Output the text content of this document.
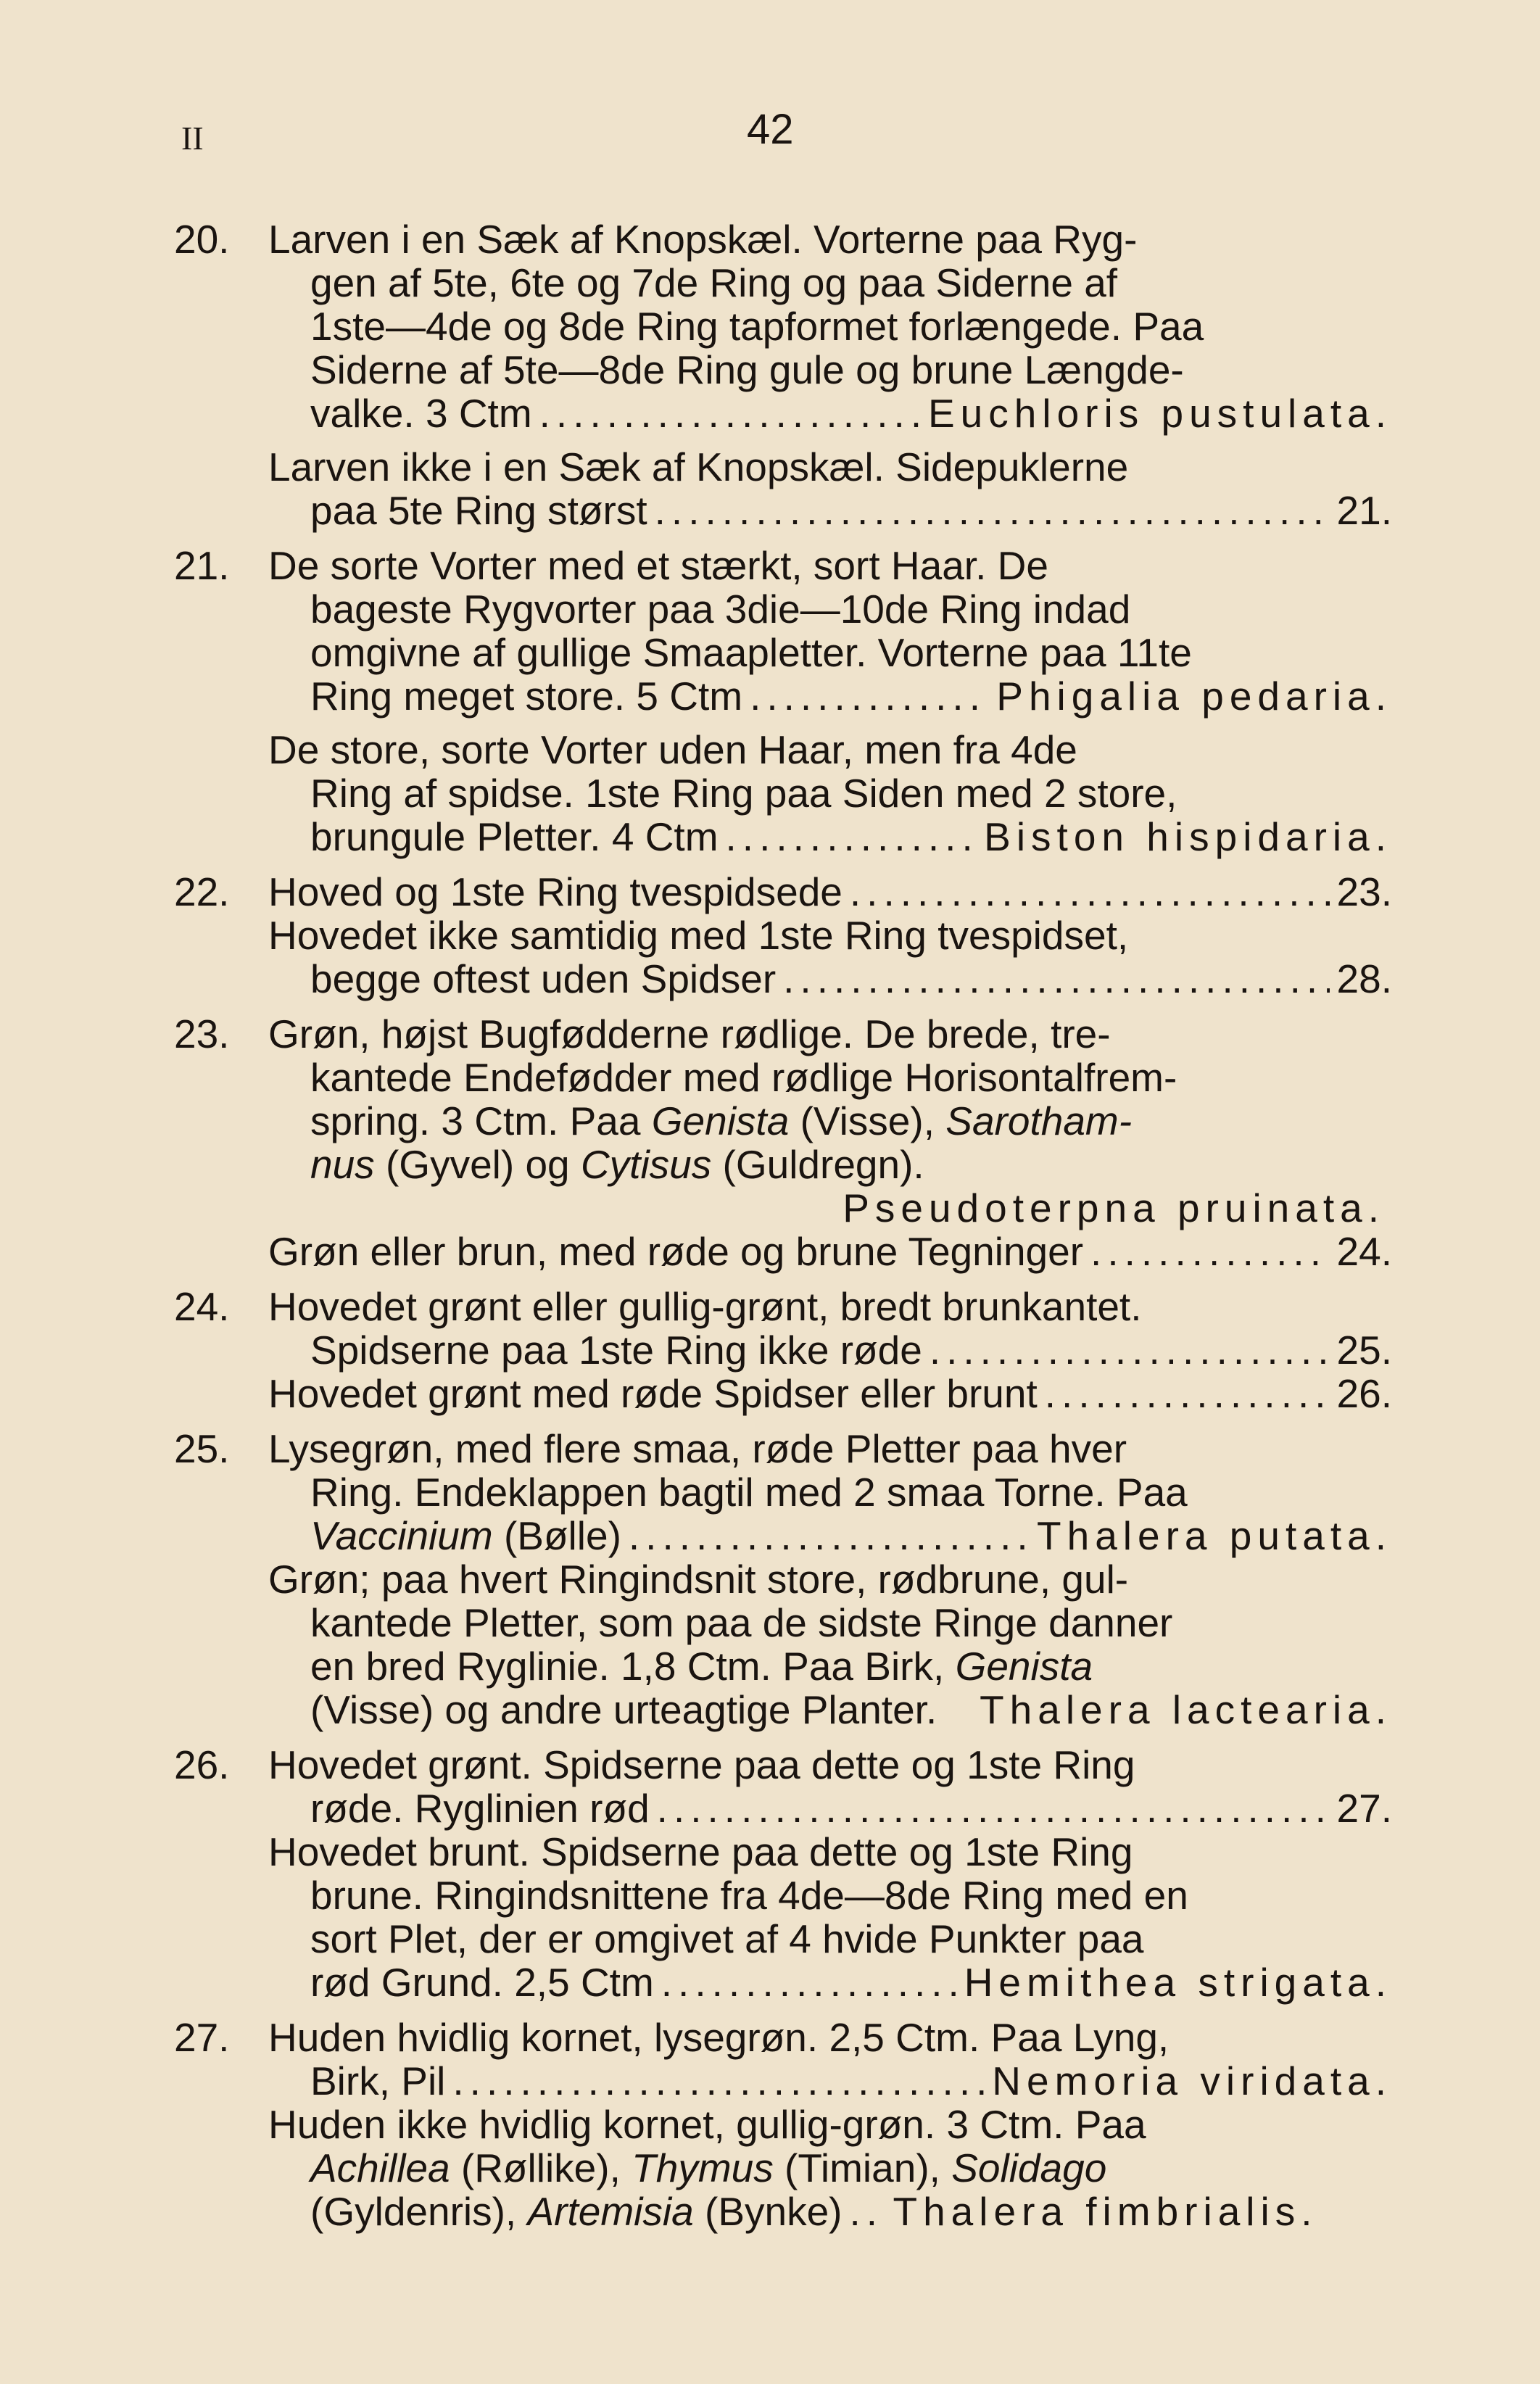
II	42
20. Larven i en Sæk af Knopskæl. Vorterne paa Ryg-
gen af 5te, 6te og 7de Ring og paa Siderne af
1ste—4de og 8de Ring tapformet forlængede. Paa
Siderne af 5te—8de Ring gule og brune Længde-
valke. 3 Ctm .....	Euchloris pustulata.
Larven ikke i en Sæk af Knopskæl. Sidepuklerne
paa 5te Ring størst .....	21.
21. De sorte Vorter med et stærkt, sort Haar. De
bageste Rygvorter paa 3die—10de Ring indad
omgivne af gullige Smaapletter. Vorterne paa 11te
Ring meget store. 5 Ctm .....	Phigalia pedaria.
De store, sorte Vorter uden Haar, men fra 4de
Ring af spidse. 1ste Ring paa Siden med 2 store,
brungule Pletter. 4 Ctm .....	Biston hispidaria.
22. Hoved og 1ste Ring tvespidsede .....	23.
Hovedet ikke samtidig med 1ste Ring tvespidset,
begge oftest uden Spidser .....	28.
23. Grøn, højst Bugfødderne rødlige. De brede, tre-
kantede Endefødder med rødlige Horisontalfrem-
spring. 3 Ctm. Paa Genista (Visse), Sarotham-
nus (Gyvel) og Cytisus (Guldregn).
Pseudoterpna pruinata.
Grøn eller brun, med røde og brune Tegninger .....	24.
24. Hovedet grønt eller gullig-grønt, bredt brunkantet.
Spidserne paa 1ste Ring ikke røde .....	25.
Hovedet grønt med røde Spidser eller brunt .....	26.
25. Lysegrøn, med flere smaa, røde Pletter paa hver
Ring. Endeklappen bagtil med 2 smaa Torne. Paa
Vaccinium (Bølle) .....	Thalera putata.
Grøn; paa hvert Ringindsnit store, rødbrune, gul-
kantede Pletter, som paa de sidste Ringe danner
en bred Ryglinie. 1,8 Ctm. Paa Birk, Genista
(Visse) og andre urteagtige Planter. Thalera lactearia.
26. Hovedet grønt. Spidserne paa dette og 1ste Ring
røde. Ryglinien rød .....	27.
Hovedet brunt. Spidserne paa dette og 1ste Ring
brune. Ringindsnittene fra 4de—8de Ring med en
sort Plet, der er omgivet af 4 hvide Punkter paa
rød Grund. 2,5 Ctm .....	Hemithea strigata.
27. Huden hvidlig kornet, lysegrøn. 2,5 Ctm. Paa Lyng,
Birk, Pil .....	Nemoria viridata.
Huden ikke hvidlig kornet, gullig-grøn. 3 Ctm. Paa
Achillea (Røllike), Thymus (Timian), Solidago
(Gyldenris), Artemisia (Bynke) ..... Thalera fimbrialis.
